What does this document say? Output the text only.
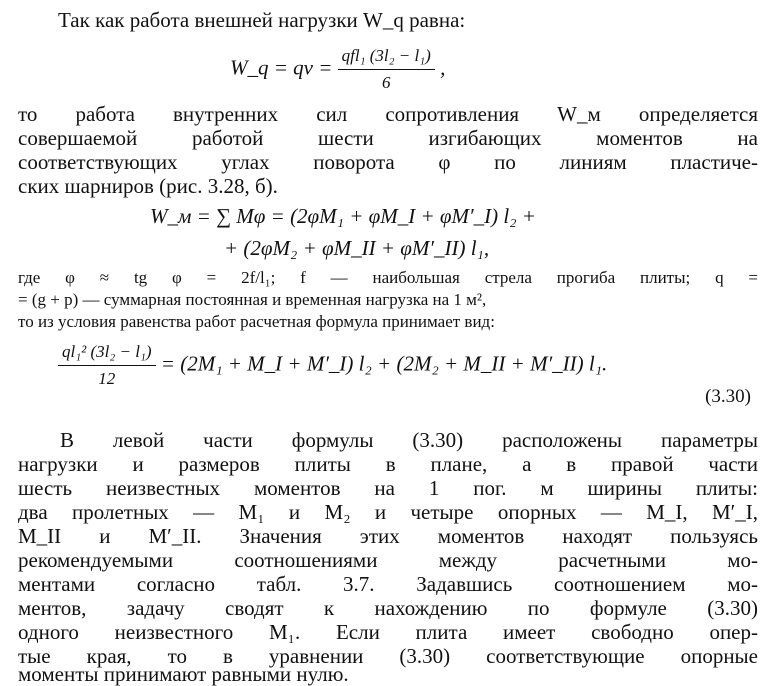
Так как работа внешней нагрузки W_q равна:
W_q = qv = $\frac{\text{qfl₁ (3l₂ − l₁)}}{6}$ ,
то работа внутренних сил сопротивления W_м определяется
совершаемой работой шести изгибающих моментов на
соответствующих углах поворота φ по линиям пластиче-
ских шарниров (рис. 3.28, б).
W_м = ∑ Mφ = (2φM₁ + φM_I + φM′_I) l₂ +
+ (2φM₂ + φM_II + φM′_II) l₁,
где φ ≈ tg φ = 2f/l₁; f — наибольшая стрела прогиба плиты; q =
= (g + p) — суммарная постоянная и временная нагрузка на 1 м²,
то из условия равенства работ расчетная формула принимает вид:
$\frac{\text{ql₁² (3l₂ − l₁)}}{12} = (2M_1$ + M_I + M′_I) l₂ + (2M₂ + M_II + M′_II) l₁.
(3.30)
В левой части формулы (3.30) расположены параметры
нагрузки и размеров плиты в плане, а в правой части
шесть неизвестных моментов на 1 пог. м ширины плиты:
два пролетных — M₁ и M₂ и четыре опорных — M_I, M′_I,
M_II и M′_II. Значения этих моментов находят пользуясь
рекомендуемыми соотношениями между расчетными мо-
ментами согласно табл. 3.7. Задавшись соотношением мо-
ментов, задачу сводят к нахождению по формуле (3.30)
одного неизвестного M₁. Если плита имеет свободно опер-
тые края, то в уравнении (3.30) соответствующие опорные
моменты принимают равными нулю.
